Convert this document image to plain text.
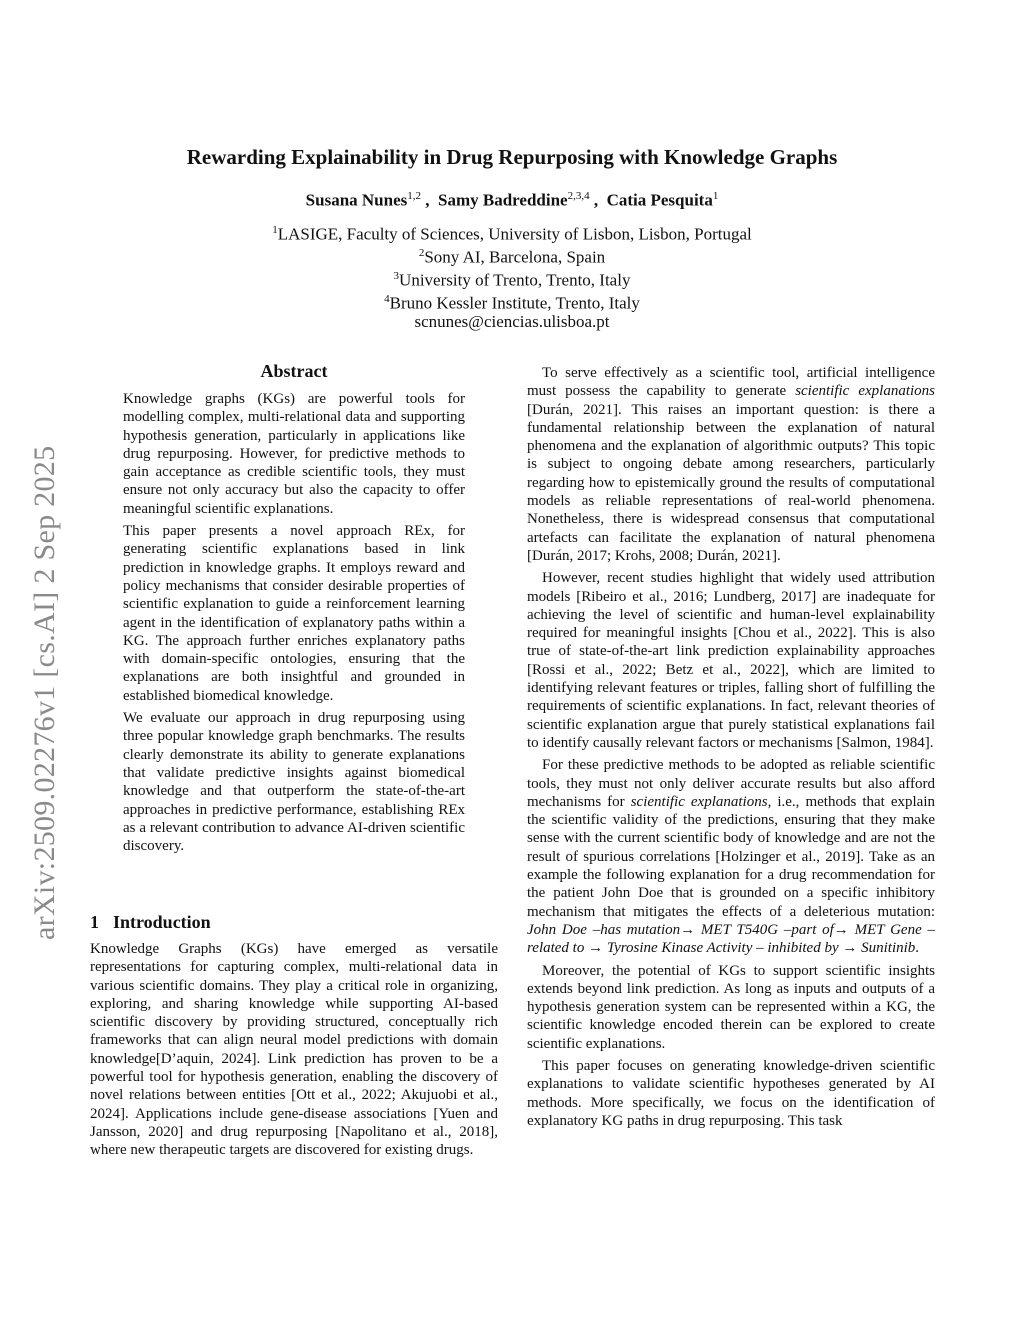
arXiv:2509.02276v1 [cs.AI] 2 Sep 2025
Rewarding Explainability in Drug Repurposing with Knowledge Graphs
Susana Nunes$^{1,2}$ ,  Samy Badreddine$^{2,3,4}$ ,  Catia Pesquita$^1$
$^1$LASIGE, Faculty of Sciences, University of Lisbon, Lisbon, Portugal
$^2$Sony AI, Barcelona, Spain
$^3$University of Trento, Trento, Italy
$^4$Bruno Kessler Institute, Trento, Italy
scnunes@ciencias.ulisboa.pt
Abstract

Knowledge graphs (KGs) are powerful tools for modelling complex, multi-relational data and supporting hypothesis generation, particularly in applications like drug repurposing. However, for predictive methods to gain acceptance as credible scientific tools, they must ensure not only accuracy but also the capacity to offer meaningful scientific explanations.

This paper presents a novel approach REx, for generating scientific explanations based in link prediction in knowledge graphs. It employs reward and policy mechanisms that consider desirable properties of scientific explanation to guide a reinforcement learning agent in the identification of explanatory paths within a KG. The approach further enriches explanatory paths with domain-specific ontologies, ensuring that the explanations are both insightful and grounded in established biomedical knowledge.

We evaluate our approach in drug repurposing using three popular knowledge graph benchmarks. The results clearly demonstrate its ability to generate explanations that validate predictive insights against biomedical knowledge and that outperform the state-of-the-art approaches in predictive performance, establishing REx as a relevant contribution to advance AI-driven scientific discovery.

1 Introduction

Knowledge Graphs (KGs) have emerged as versatile representations for capturing complex, multi-relational data in various scientific domains. They play a critical role in organizing, exploring, and sharing knowledge while supporting AI-based scientific discovery by providing structured, conceptually rich frameworks that can align neural model predictions with domain knowledge[D’aquin, 2024]. Link prediction has proven to be a powerful tool for hypothesis generation, enabling the discovery of novel relations between entities [Ott et al., 2022; Akujuobi et al., 2024]. Applications include gene-disease associations [Yuen and Jansson, 2020] and drug repurposing [Napolitano et al., 2018], where new therapeutic targets are discovered for existing drugs.

To serve effectively as a scientific tool, artificial intelligence must possess the capability to generate scientific explanations [Durán, 2021]. This raises an important question: is there a fundamental relationship between the explanation of natural phenomena and the explanation of algorithmic outputs? This topic is subject to ongoing debate among researchers, particularly regarding how to epistemically ground the results of computational models as reliable representations of real-world phenomena. Nonetheless, there is widespread consensus that computational artefacts can facilitate the explanation of natural phenomena [Durán, 2017; Krohs, 2008; Durán, 2021].

However, recent studies highlight that widely used attribution models [Ribeiro et al., 2016; Lundberg, 2017] are inadequate for achieving the level of scientific and human-level explainability required for meaningful insights [Chou et al., 2022]. This is also true of state-of-the-art link prediction explainability approaches [Rossi et al., 2022; Betz et al., 2022], which are limited to identifying relevant features or triples, falling short of fulfilling the requirements of scientific explanations. In fact, relevant theories of scientific explanation argue that purely statistical explanations fail to identify causally relevant factors or mechanisms [Salmon, 1984].

For these predictive methods to be adopted as reliable scientific tools, they must not only deliver accurate results but also afford mechanisms for scientific explanations, i.e., methods that explain the scientific validity of the predictions, ensuring that they make sense with the current scientific body of knowledge and are not the result of spurious correlations [Holzinger et al., 2019]. Take as an example the following explanation for a drug recommendation for the patient John Doe that is grounded on a specific inhibitory mechanism that mitigates the effects of a deleterious mutation: John Doe –has mutation→ MET T540G –part of→ MET Gene –related to → Tyrosine Kinase Activity – inhibited by → Sunitinib.

Moreover, the potential of KGs to support scientific insights extends beyond link prediction. As long as inputs and outputs of a hypothesis generation system can be represented within a KG, the scientific knowledge encoded therein can be explored to create scientific explanations.

This paper focuses on generating knowledge-driven scientific explanations to validate scientific hypotheses generated by AI methods. More specifically, we focus on the identification of explanatory KG paths in drug repurposing. This task
